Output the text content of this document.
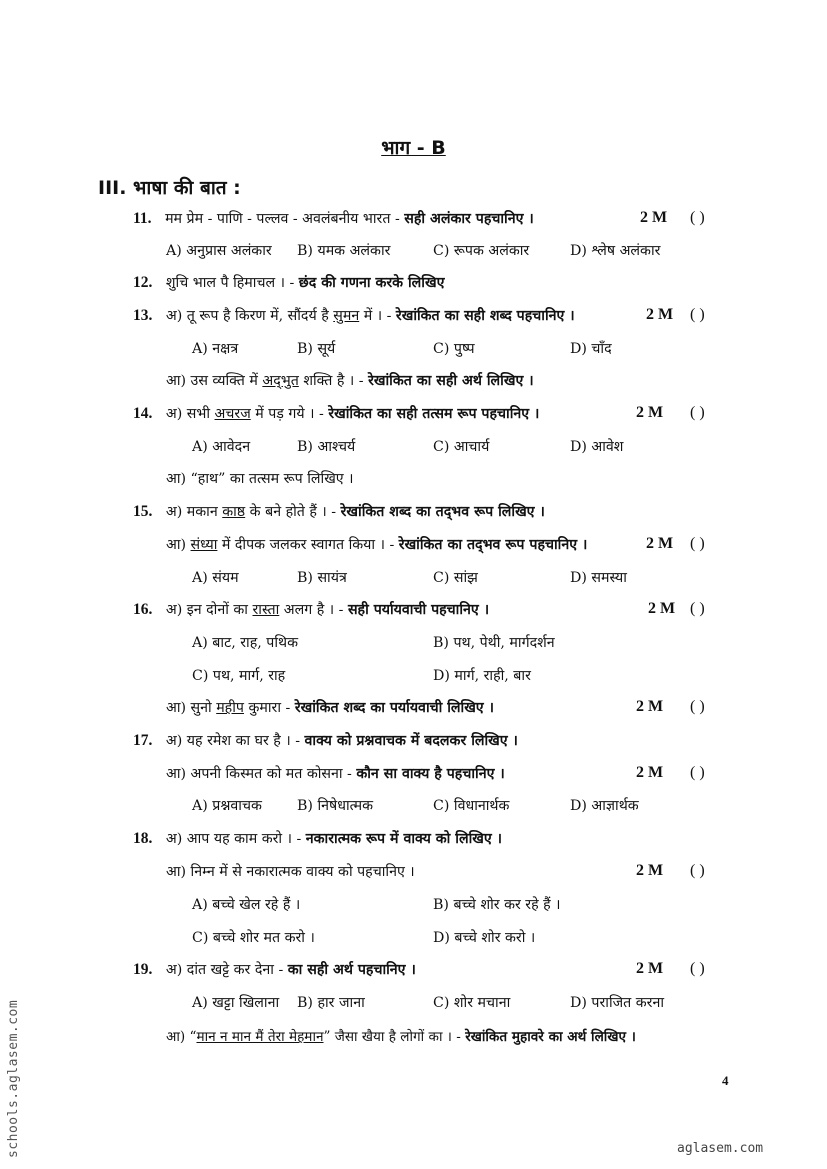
भाग - B
III. भाषा की बात :
11. मम प्रेम - पाणि - पल्लव - अवलंबनीय भारत - सही अलंकार पहचानिए ।	2 M ( )
A) अनुप्रास अलंकार B) यमक अलंकार	C) रूपक अलंकार	D) श्लेष अलंकार
12. शुचि भाल पै हिमाचल । - छंद की गणना करके लिखिए
13. अ) तू रूप है किरण में, सौंदर्य है सुमन में । - रेखांकित का सही शब्द पहचानिए ।	2 M ( )
A) नक्षत्र	B) सूर्य	C) पुष्प	D) चाँद
आ) उस व्यक्ति में अद्‌भुत शक्ति है । - रेखांकित का सही अर्थ लिखिए ।
14. अ) सभी अचरज में पड़ गये । - रेखांकित का सही तत्सम रूप पहचानिए ।	2 M ( )
A) आवेदन	B) आश्चर्य	C) आचार्य	D) आवेश
आ) “हाथ” का तत्सम रूप लिखिए ।
15. अ) मकान काष्ठ के बने होते हैं । - रेखांकित शब्द का तद्‌भव रूप लिखिए ।
आ) संध्या में दीपक जलकर स्वागत किया । - रेखांकित का तद्‌भव रूप पहचानिए ।	2 M ( )
A) संयम	B) सायंत्र	C) सांझ	D) समस्या
16. अ) इन दोनों का रास्ता अलग है । - सही पर्यायवाची पहचानिए ।	2 M ( )
A) बाट, राह, पथिक	B) पथ, पेथी, मार्गदर्शन
C) पथ, मार्ग, राह	D) मार्ग, राही, बार
आ) सुनो महीप कुमारा - रेखांकित शब्द का पर्यायवाची लिखिए ।	2 M ( )
17. अ) यह रमेश का घर है । - वाक्य को प्रश्नवाचक में बदलकर लिखिए ।
आ) अपनी किस्मत को मत कोसना - कौन सा वाक्य है पहचानिए ।	2 M ( )
A) प्रश्नवाचक B) निषेधात्मक	C) विधानार्थक	D) आज्ञार्थक
18. अ) आप यह काम करो । - नकारात्मक रूप में वाक्य को लिखिए ।
आ) निम्न में से नकारात्मक वाक्य को पहचानिए ।	2 M ( )
A) बच्चे खेल रहे हैं ।	B) बच्चे शोर कर रहे हैं ।
C) बच्चे शोर मत करो ।	D) बच्चे शोर करो ।
19. अ) दांत खट्टे कर देना - का सही अर्थ पहचानिए ।	2 M ( )
A) खट्टा खिलाना B) हार जाना	C) शोर मचाना	D) पराजित करना
आ) “मान न मान मैं तेरा मेहमान” जैसा खैया है लोगों का । - रेखांकित मुहावरे का अर्थ लिखिए ।
4
schools.aglasem.com	aglasem.com
